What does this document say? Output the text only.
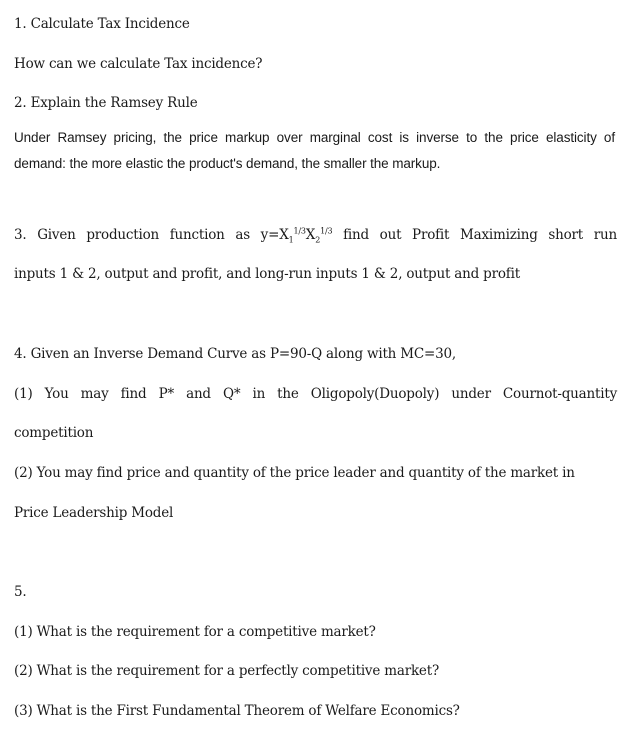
1. Calculate Tax Incidence
How can we calculate Tax incidence?
2. Explain the Ramsey Rule
Under Ramsey pricing, the price markup over marginal cost is inverse to the price elasticity of
demand: the more elastic the product's demand, the smaller the markup.
3. Given production function as $y=X_1^{1/3}X_2^{1/3}$ find out Profit Maximizing short run
inputs 1 & 2, output and profit, and long-run inputs 1 & 2, output and profit
4. Given an Inverse Demand Curve as P=90-Q along with MC=30,
(1) You may find P* and Q* in the Oligopoly(Duopoly) under Cournot-quantity
competition
(2) You may find price and quantity of the price leader and quantity of the market in
Price Leadership Model
5.
(1) What is the requirement for a competitive market?
(2) What is the requirement for a perfectly competitive market?
(3) What is the First Fundamental Theorem of Welfare Economics?
